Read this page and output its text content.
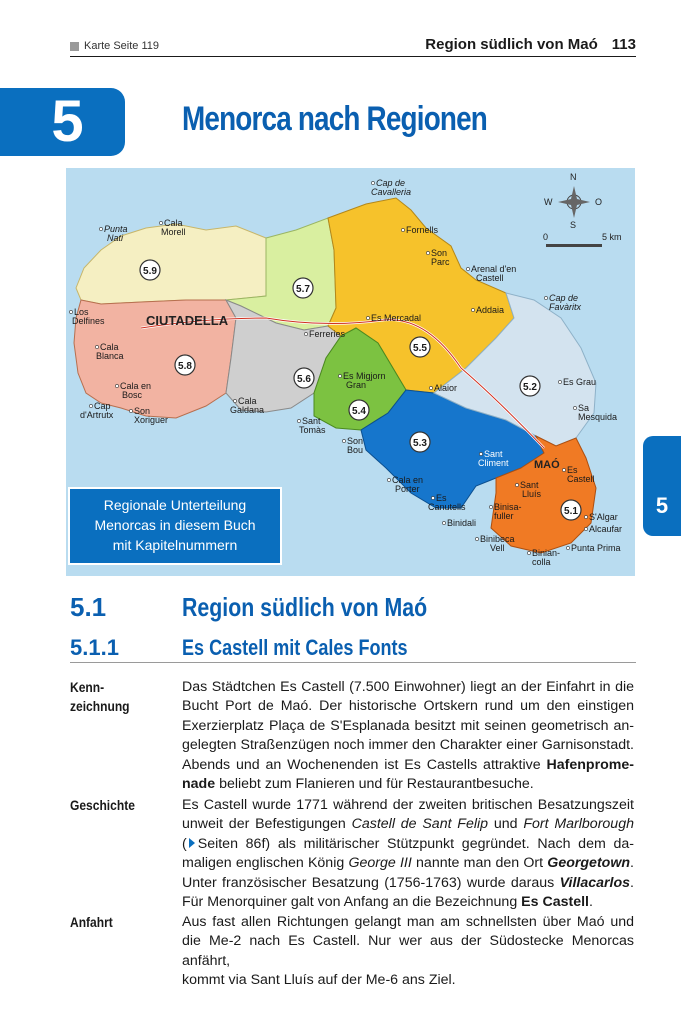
Karte Seite 119	Region südlich von Maó 113
5	Menorca nach Regionen
N
S
W	O
0	5 km
5.9
5.7
5.8
5.6
5.5
5.4
5.3
5.2
5.1
CIUTADELLA
MAÓ
Cap de
Cavalleria
Punta
Nati
Cala
Morell	Fornells
Son
Parc
Arenal d'en
Castell
Addaia
Cap de
Favàritx
Los
Delfines
Ferreries
Es Mercadal
Cala
Blanca
Cala en
Bosc
Es Migjorn
Gran	Alaior
Es Grau
Cap
d'Artrutx Son
Xoriguer
Cala
Galdana
Sant
Tomàs
Sa
Mesquida
Son
Bou	Sant
Climent
Es
Castell
Cala en
Porter
Es
Canutells
Sant
Lluís
Binisa-
fuller
Binidali
S'Algar
Alcaufar
Binibeca
Vell	Binian-
colla
Punta Prima
Regionale Unterteilung
Menorcas in diesem Buch
mit Kapitelnummern
5
5.1	Region südlich von Maó
5.1.1	Es Castell mit Cales Fonts
Kenn-
zeichnung
Das Städtchen Es Castell (7.500 Einwohner) liegt an der Einfahrt in die
Bucht Port de Maó. Der historische Ortskern rund um den einstigen
Exerzierplatz Plaça de S'Esplanada besitzt mit seinen geometrisch an-
gelegten Straßenzügen noch immer den Charakter einer Garnisonstadt.
Abends und an Wochenenden ist Es Castells attraktive Hafenprome-
nade beliebt zum Flanieren und für Restaurantbesuche.
Geschichte	Es Castell wurde 1771 während der zweiten britischen Besatzungszeit
unweit der Befestigungen Castell de Sant Felip und Fort Marlborough
( Seiten 86f) als militärischer Stützpunkt gegründet. Nach dem da-
maligen englischen König George III nannte man den Ort Georgetown.
Unter französischer Besatzung (1756-1763) wurde daraus Villacarlos.
Für Menorquiner galt von Anfang an die Bezeichnung Es Castell.
Anfahrt	Aus fast allen Richtungen gelangt man am schnellsten über Maó und
die Me-2 nach Es Castell. Nur wer aus der Südostecke Menorcas anfährt,
kommt via Sant Lluís auf der Me-6 ans Ziel.
